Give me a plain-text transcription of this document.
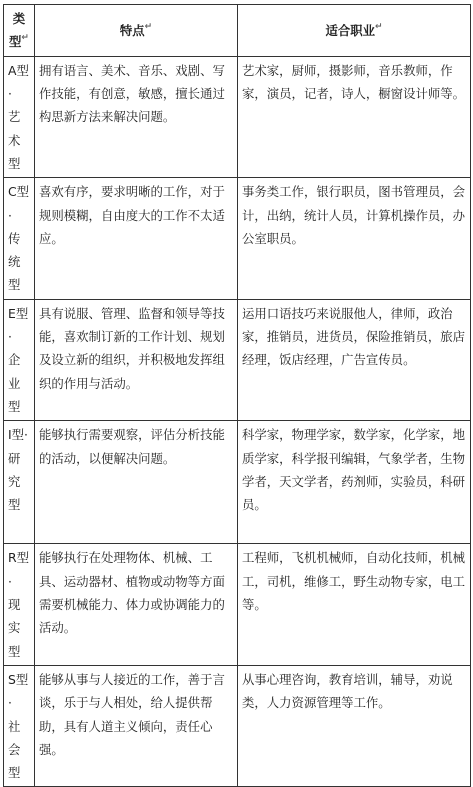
类型↵	特点↵	适合职业↵

A型·
艺术
型	拥有语言、美术、音乐、戏剧、写作技能，有创意，敏感，擅长通过构思新方法来解决问题。	艺术家，厨师，摄影师，音乐教师，作家，演员，记者，诗人，橱窗设计师等。

C型·
传统
型	喜欢有序，要求明晰的工作，对于规则模糊，自由度大的工作不太适应。	事务类工作，银行职员，图书管理员，会计，出纳，统计人员，计算机操作员，办公室职员。

E型·
企业
型	具有说服、管理、监督和领导等技能，喜欢制订新的工作计划、规划及设立新的组织，并积极地发挥组织的作用与活动。	运用口语技巧来说服他人，律师，政治家，推销员，进货员，保险推销员，旅店经理，饭店经理，广告宣传员。

I型·
研究
型	能够执行需要观察，评估分析技能的活动，以便解决问题。	科学家，物理学家，数学家，化学家，地质学家，科学报刊编辑，气象学者，生物学者，天文学者，药剂师，实验员，科研员。

R型·
现实
型	能够执行在处理物体、机械、工具、运动器材、植物或动物等方面需要机械能力、体力或协调能力的活动。	工程师，飞机机械师，自动化技师，机械工，司机，维修工，野生动物专家，电工等。

S型·
社会
型	能够从事与人接近的工作，善于言谈，乐于与人相处，给人提供帮助，具有人道主义倾向，责任心强。	从事心理咨询，教育培训，辅导，劝说类，人力资源管理等工作。
